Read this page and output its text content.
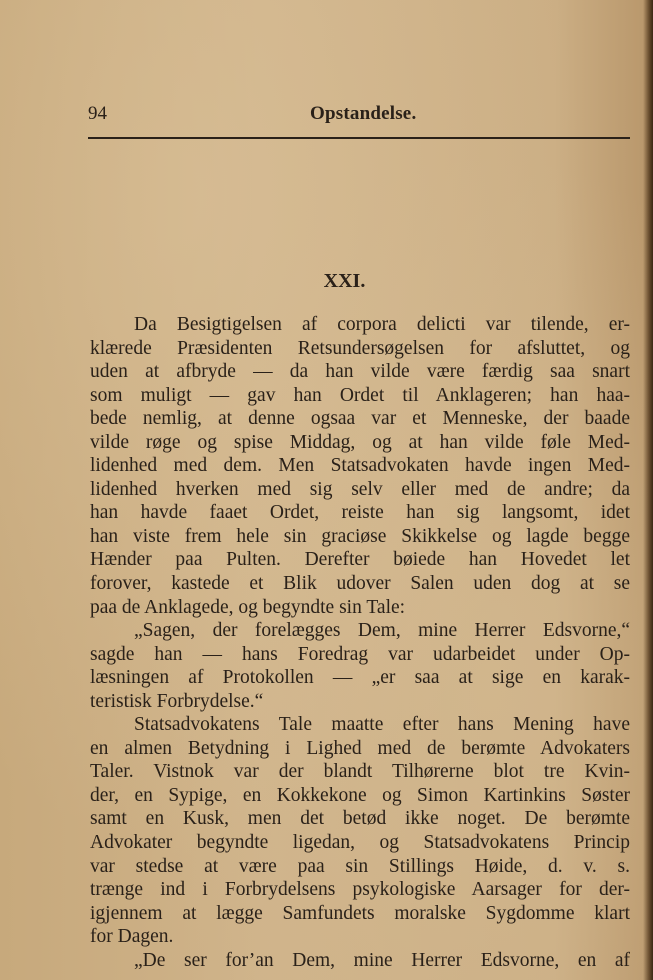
94	Opstandelse.
XXI.

Da Besigtigelsen af corpora delicti var tilende, er-
klærede Præsidenten Retsundersøgelsen for afsluttet, og
uden at afbryde — da han vilde være færdig saa snart
som muligt — gav han Ordet til Anklageren; han haa-
bede nemlig, at denne ogsaa var et Menneske, der baade
vilde røge og spise Middag, og at han vilde føle Med-
lidenhed med dem. Men Statsadvokaten havde ingen Med-
lidenhed hverken med sig selv eller med de andre; da
han havde faaet Ordet, reiste han sig langsomt, idet
han viste frem hele sin graciøse Skikkelse og lagde begge
Hænder paa Pulten. Derefter bøiede han Hovedet let
forover, kastede et Blik udover Salen uden dog at se
paa de Anklagede, og begyndte sin Tale:

„Sagen, der forelægges Dem, mine Herrer Edsvorne,“
sagde han — hans Foredrag var udarbeidet under Op-
læsningen af Protokollen — „er saa at sige en karak-
teristisk Forbrydelse.“

Statsadvokatens Tale maatte efter hans Mening have
en almen Betydning i Lighed med de berømte Advokaters
Taler. Vistnok var der blandt Tilhørerne blot tre Kvin-
der, en Sypige, en Kokkekone og Simon Kartinkins Søster
samt en Kusk, men det betød ikke noget. De berømte
Advokater begyndte ligedan, og Statsadvokatens Princip
var stedse at være paa sin Stillings Høide, d. v. s.
trænge ind i Forbrydelsens psykologiske Aarsager for der-
igjennem at lægge Samfundets moralske Sygdomme klart
for Dagen.

„De ser for’an Dem, mine Herrer Edsvorne, en af
